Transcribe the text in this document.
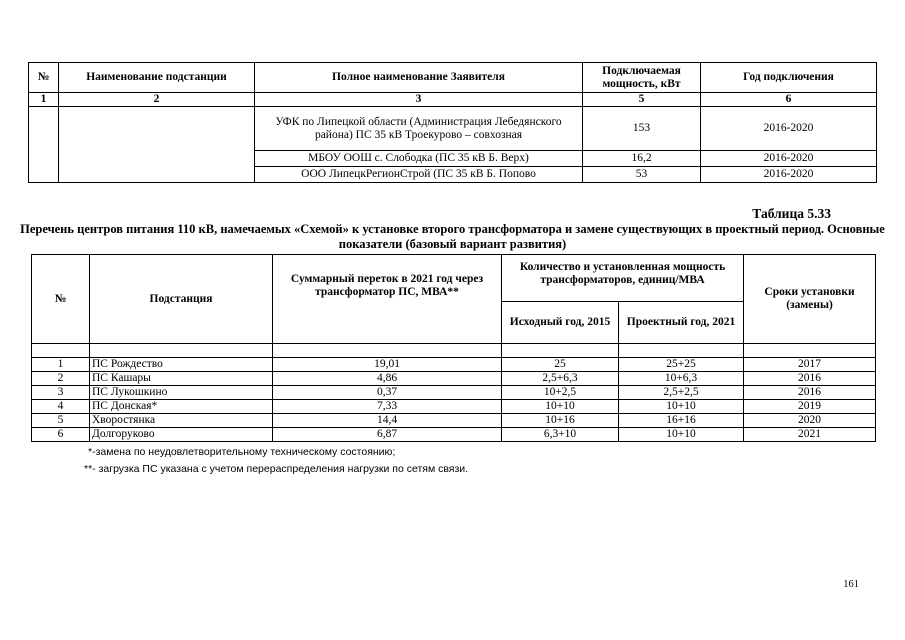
№	Наименование подстанции	Полное наименование Заявителя	Подключаемая мощность, кВт	Год подключения
1	2	3	5	6
		УФК по Липецкой области (Администрация Лебедянского района) ПС 35 кВ Троекурово – совхозная	153	2016-2020
		МБОУ ООШ с. Слободка (ПС 35 кВ Б. Верх)	16,2	2016-2020
		ООО ЛипецкРегионСтрой (ПС 35 кВ Б. Попово	53	2016-2020
Таблица 5.33
Перечень центров питания 110 кВ, намечаемых «Схемой» к установке второго трансформатора и замене существующих в проектный период. Основные показатели (базовый вариант развития)
№	Подстанция	Суммарный переток в 2021 год через трансформатор ПС, МВА**	Количество и установленная мощность трансформаторов, единиц/МВА		Сроки установки (замены)
			Исходный год, 2015	Проектный год, 2021	

1	ПС Рождество	19,01	25	25+25	2017
2	ПС Кашары	4,86	2,5+6,3	10+6,3	2016
3	ПС Лукошкино	0,37	10+2,5	2,5+2,5	2016
4	ПС Донская*	7,33	10+10	10+10	2019
5	Хворостянка	14,4	10+16	16+16	2020
6	Долгоруково	6,87	6,3+10	10+10	2021
*-замена по неудовлетворительному техническому состоянию;
**- загрузка ПС указана с учетом перераспределения нагрузки по сетям связи.
161
